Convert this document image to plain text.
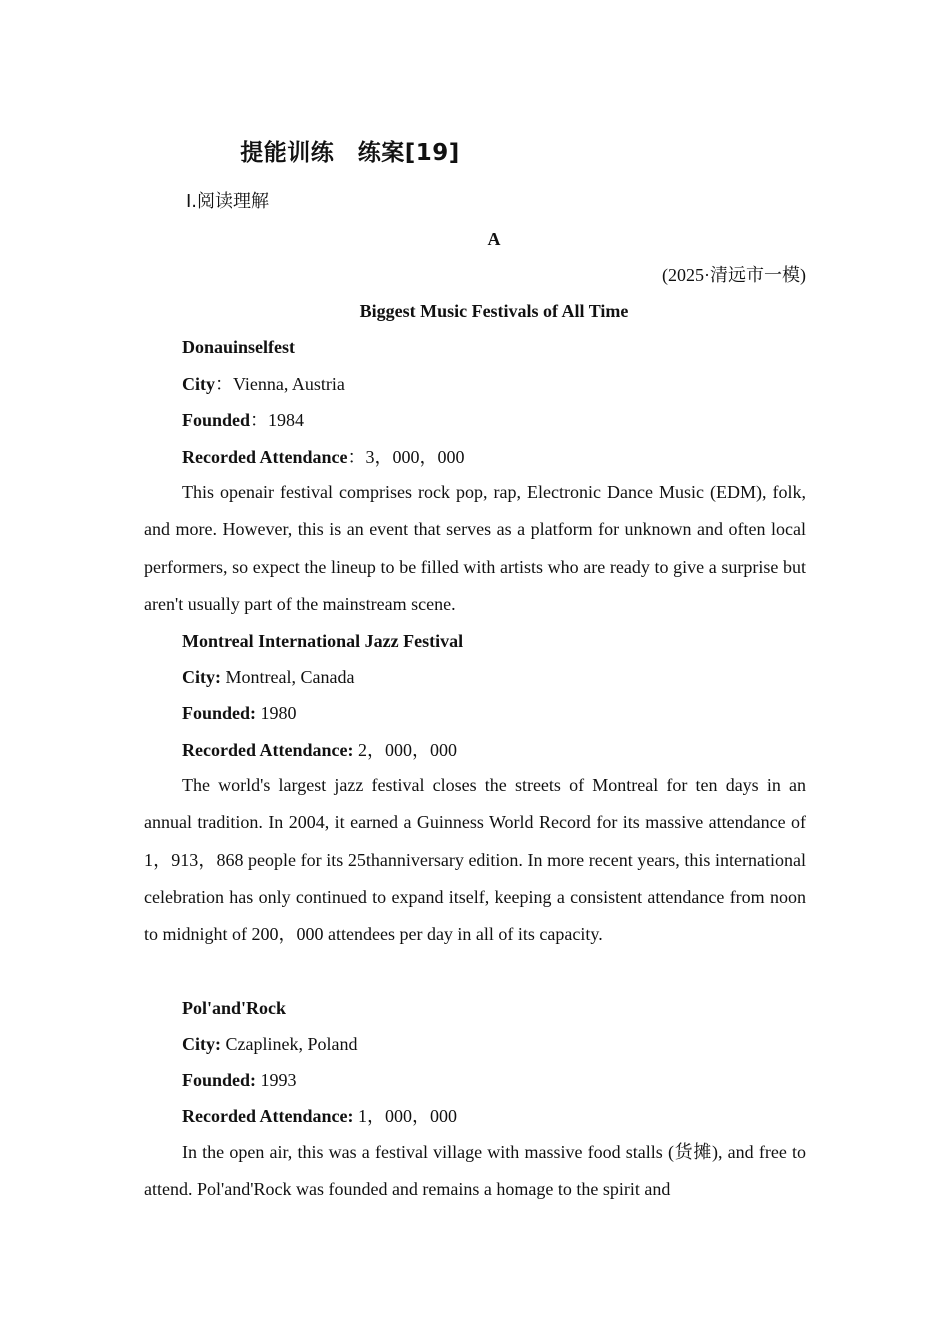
提能训练　练案[19]
Ⅰ.阅读理解
A
(2025·清远市一模)
Biggest Music Festivals of All Time
Donauinselfest
City：Vienna, Austria
Founded：1984
Recorded Attendance：3，000，000
This openair festival comprises rock pop, rap, Electronic Dance Music (EDM), folk, and more. However, this is an event that serves as a platform for unknown and often local performers, so expect the lineup to be filled with artists who are ready to give a surprise but aren't usually part of the mainstream scene.
Montreal International Jazz Festival
City: Montreal, Canada
Founded: 1980
Recorded Attendance: 2，000，000
The world's largest jazz festival closes the streets of Montreal for ten days in an annual tradition. In 2004, it earned a Guinness World Record for its massive attendance of 1，913，868 people for its 25thanniversary edition. In more recent years, this international celebration has only continued to expand itself, keeping a consistent attendance from noon to midnight of 200，000 attendees per day in all of its capacity.
Pol'and'Rock
City: Czaplinek, Poland
Founded: 1993
Recorded Attendance: 1，000，000
In the open air, this was a festival village with massive food stalls (货摊), and free to attend. Pol'and'Rock was founded and remains a homage to the spirit and
